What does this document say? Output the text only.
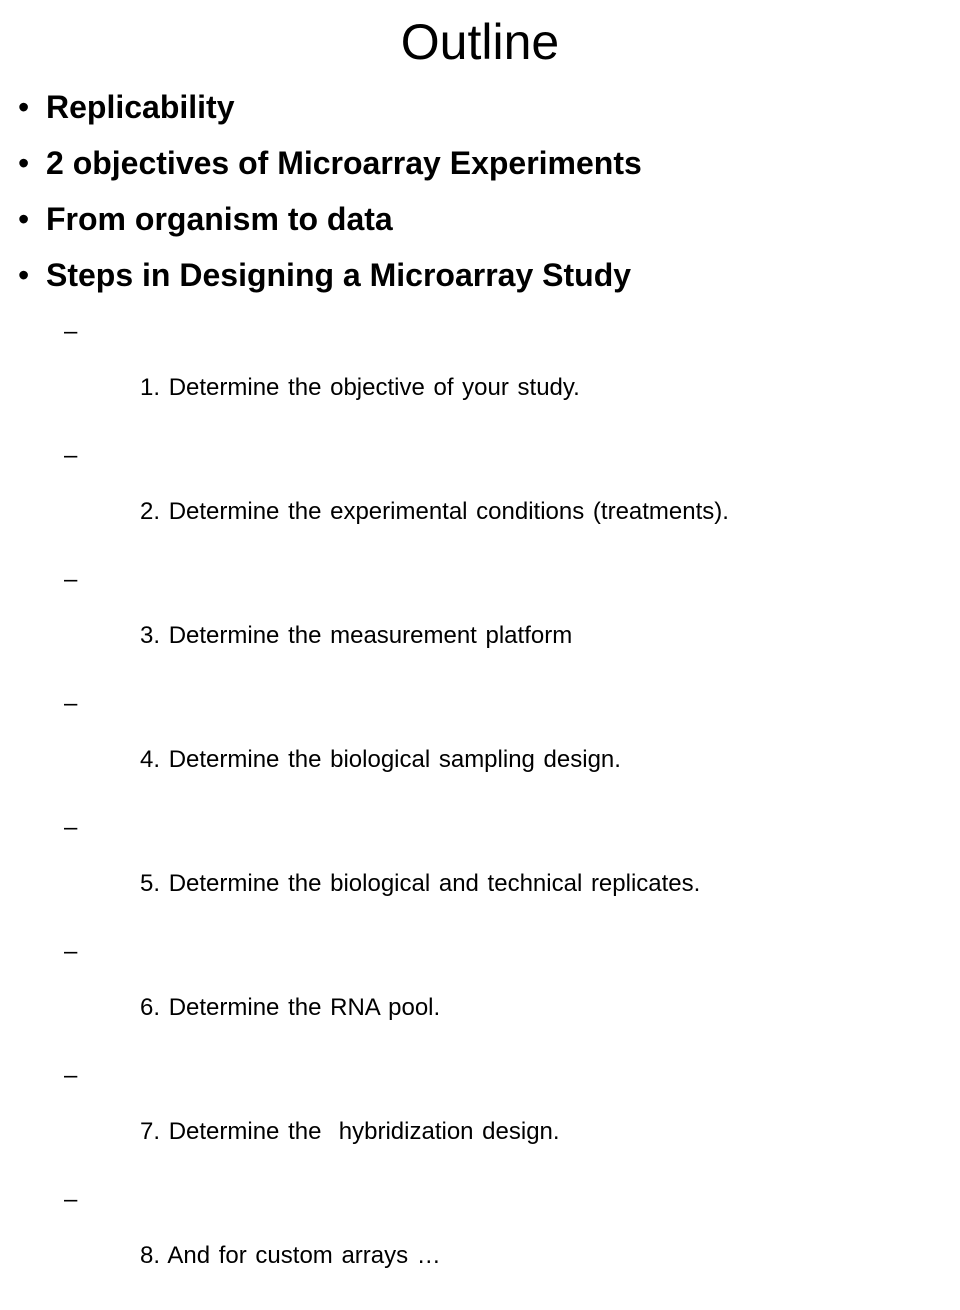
Outline
• Replicability
• 2 objectives of Microarray Experiments
• From organism to data
• Steps in Designing a Microarray Study

–

1. Determine the objective of your study.

–

2. Determine the experimental conditions (treatments).

–

3. Determine the measurement platform

–

4. Determine the biological sampling design.

–

5. Determine the biological and technical replicates.

–

6. Determine the RNA pool.

–

7. Determine the  hybridization design.

–

8. And for custom arrays …
